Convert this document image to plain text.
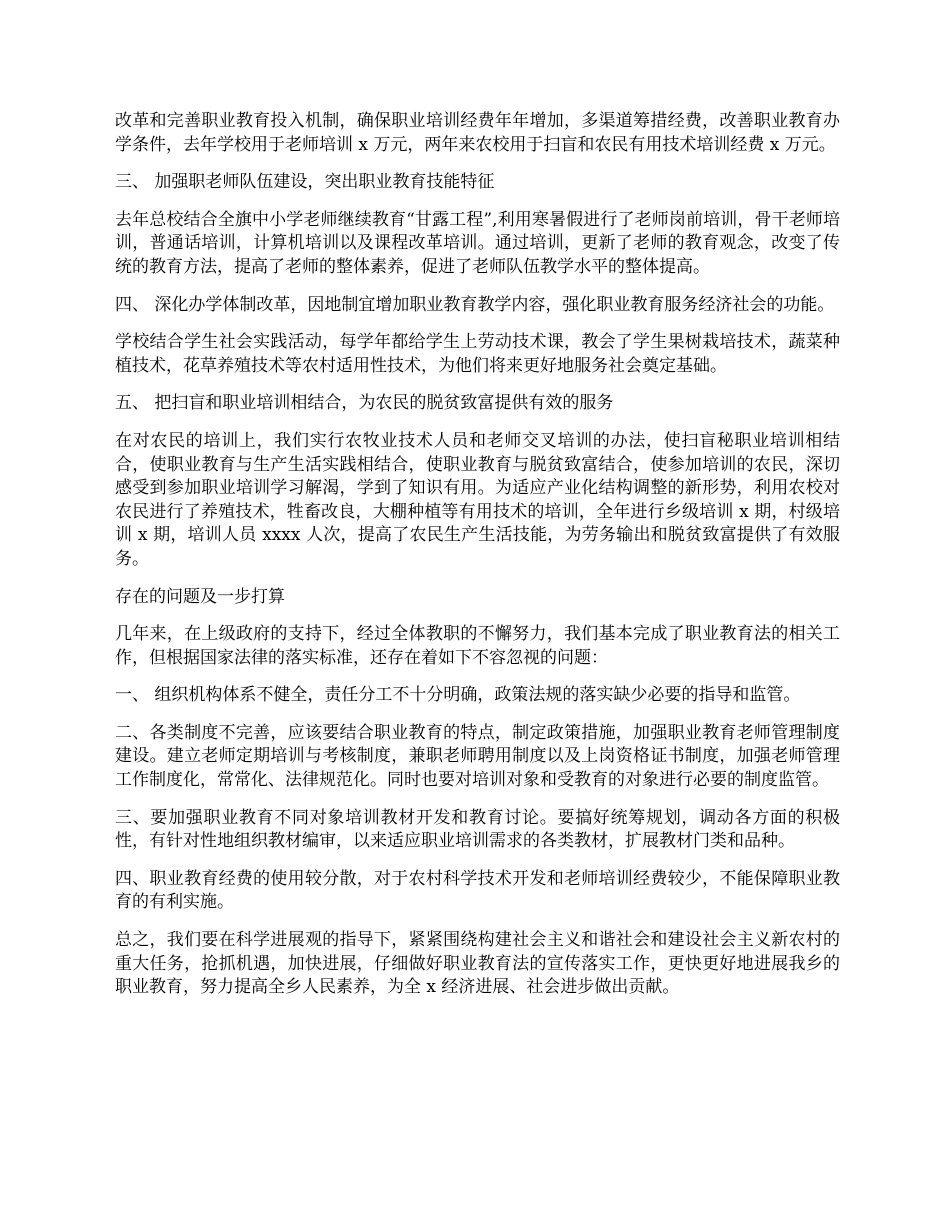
改革和完善职业教育投入机制，确保职业培训经费年年增加，多渠道筹措经费，改善职业教育办学条件，去年学校用于老师培训 x 万元，两年来农校用于扫盲和农民有用技术培训经费 x 万元。

三、 加强职老师队伍建设，突出职业教育技能特征

去年总校结合全旗中小学老师继续教育“甘露工程”,利用寒暑假进行了老师岗前培训，骨干老师培训，普通话培训，计算机培训以及课程改革培训。通过培训，更新了老师的教育观念，改变了传统的教育方法，提高了老师的整体素养，促进了老师队伍教学水平的整体提高。

四、 深化办学体制改革，因地制宜增加职业教育教学内容，强化职业教育服务经济社会的功能。

学校结合学生社会实践活动，每学年都给学生上劳动技术课，教会了学生果树栽培技术，蔬菜种植技术，花草养殖技术等农村适用性技术，为他们将来更好地服务社会奠定基础。

五、 把扫盲和职业培训相结合，为农民的脱贫致富提供有效的服务

在对农民的培训上，我们实行农牧业技术人员和老师交叉培训的办法，使扫盲秘职业培训相结合，使职业教育与生产生活实践相结合，使职业教育与脱贫致富结合，使参加培训的农民，深切感受到参加职业培训学习解渴，学到了知识有用。为适应产业化结构调整的新形势，利用农校对农民进行了养殖技术，牲畜改良，大棚种植等有用技术的培训，全年进行乡级培训 x 期，村级培训 x 期，培训人员 xxxx 人次，提高了农民生产生活技能，为劳务输出和脱贫致富提供了有效服务。

存在的问题及一步打算

几年来，在上级政府的支持下，经过全体教职的不懈努力，我们基本完成了职业教育法的相关工作，但根据国家法律的落实标准，还存在着如下不容忽视的问题：

一、 组织机构体系不健全，责任分工不十分明确，政策法规的落实缺少必要的指导和监管。

二、各类制度不完善，应该要结合职业教育的特点，制定政策措施，加强职业教育老师管理制度建设。建立老师定期培训与考核制度，兼职老师聘用制度以及上岗资格证书制度，加强老师管理工作制度化，常常化、法律规范化。同时也要对培训对象和受教育的对象进行必要的制度监管。

三、要加强职业教育不同对象培训教材开发和教育讨论。要搞好统筹规划，调动各方面的积极性，有针对性地组织教材编审，以来适应职业培训需求的各类教材，扩展教材门类和品种。

四、职业教育经费的使用较分散，对于农村科学技术开发和老师培训经费较少，不能保障职业教育的有利实施。

总之，我们要在科学进展观的指导下，紧紧围绕构建社会主义和谐社会和建设社会主义新农村的重大任务，抢抓机遇，加快进展，仔细做好职业教育法的宣传落实工作，更快更好地进展我乡的职业教育，努力提高全乡人民素养，为全 x 经济进展、社会进步做出贡献。
